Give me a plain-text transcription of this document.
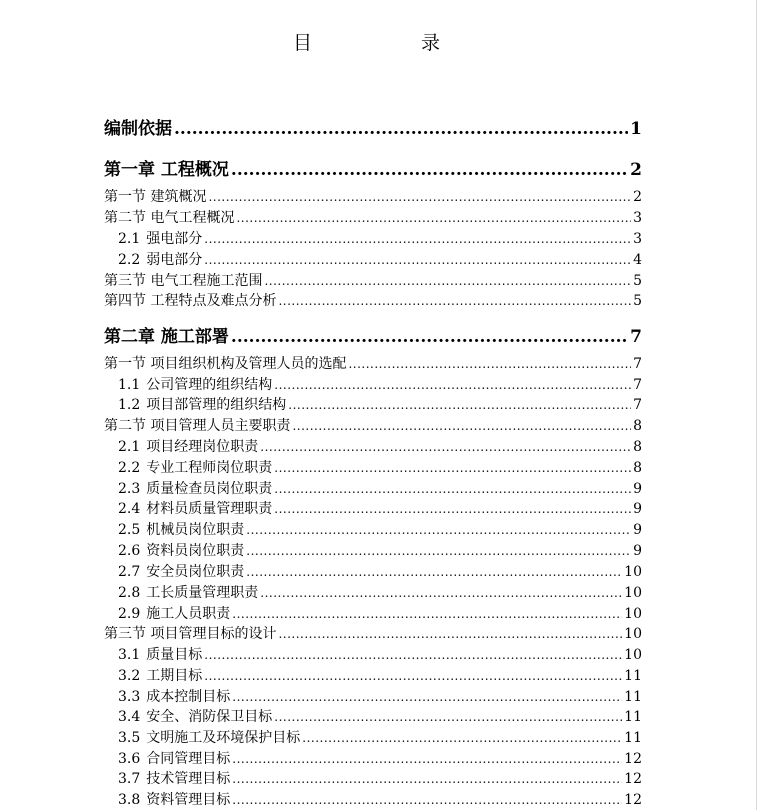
目	录
编制依据 .....	1
第一章 工程概况 .....	2
第一节 建筑概况 .....	2
第二节 电气工程概况 .....	3
2.1 强电部分 .....	3
2.2 弱电部分 .....	4
第三节 电气工程施工范围 .....	5
第四节 工程特点及难点分析 .....	5
第二章 施工部署 .....	7
第一节 项目组织机构及管理人员的选配 .....	7
1.1 公司管理的组织结构 .....	7
1.2 项目部管理的组织结构 .....	7
第二节 项目管理人员主要职责 .....	8
2.1 项目经理岗位职责 .....	8
2.2 专业工程师岗位职责 .....	8
2.3 质量检查员岗位职责 .....	9
2.4 材料员质量管理职责 .....	9
2.5 机械员岗位职责 .....	9
2.6 资料员岗位职责 .....	9
2.7 安全员岗位职责 .....	10
2.8 工长质量管理职责 .....	10
2.9 施工人员职责 .....	10
第三节 项目管理目标的设计 .....	10
3.1 质量目标 .....	10
3.2 工期目标 .....	11
3.3 成本控制目标 .....	11
3.4 安全、消防保卫目标 .....	11
3.5 文明施工及环境保护目标 .....	11
3.6 合同管理目标 .....	12
3.7 技术管理目标 .....	12
3.8 资料管理目标 .....	12
